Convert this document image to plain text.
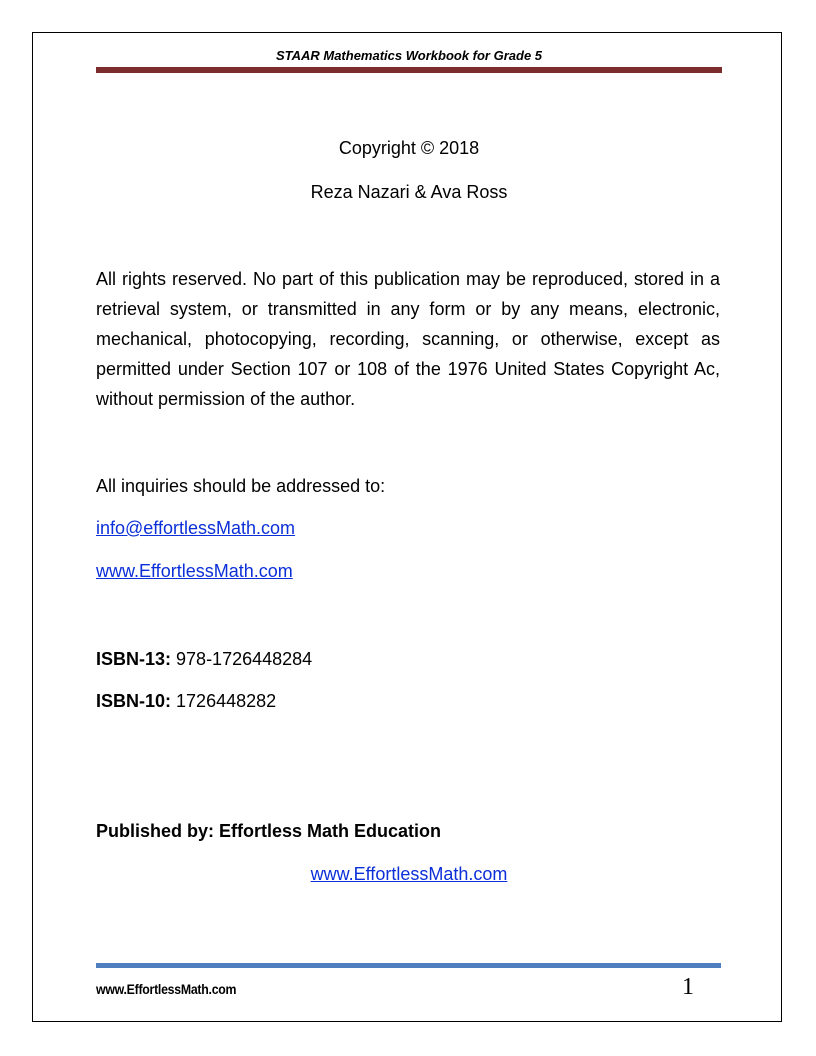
STAAR Mathematics Workbook for Grade 5
Copyright © 2018
Reza Nazari & Ava Ross

All rights reserved. No part of this publication may be reproduced, stored in a retrieval system, or transmitted in any form or by any means, electronic, mechanical, photocopying, recording, scanning, or otherwise, except as permitted under Section 107 or 108 of the 1976 United States Copyright Ac, without permission of the author.

All inquiries should be addressed to:

info@effortlessMath.com

www.EffortlessMath.com

ISBN-13: 978-1726448284

ISBN-10: 1726448282

Published by: Effortless Math Education

www.EffortlessMath.com
www.EffortlessMath.com	1
